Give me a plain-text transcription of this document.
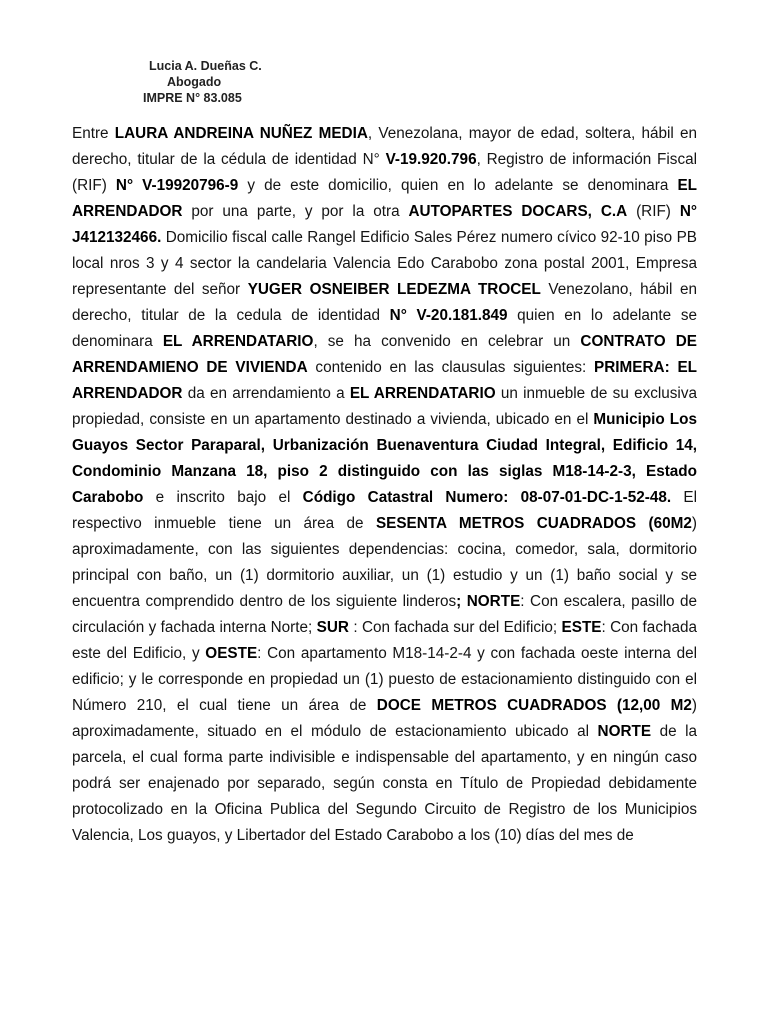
Lucia A. Dueñas C.
Abogado
IMPRE N° 83.085
Entre LAURA ANDREINA NUÑEZ MEDIA, Venezolana, mayor de edad, soltera, hábil en derecho, titular de la cédula de identidad N° V-19.920.796, Registro de información Fiscal (RIF) N° V-19920796-9 y de este domicilio, quien en lo adelante se denominara EL ARRENDADOR por una parte, y por la otra AUTOPARTES DOCARS, C.A (RIF) N° J412132466. Domicilio fiscal calle Rangel Edificio Sales Pérez numero cívico 92-10 piso PB local nros 3 y 4 sector la candelaria Valencia Edo Carabobo zona postal 2001, Empresa representante del señor YUGER OSNEIBER LEDEZMA TROCEL Venezolano, hábil en derecho, titular de la cedula de identidad N° V-20.181.849 quien en lo adelante se denominara EL ARRENDATARIO, se ha convenido en celebrar un CONTRATO DE ARRENDAMIENO DE VIVIENDA contenido en las clausulas siguientes: PRIMERA: EL ARRENDADOR da en arrendamiento a EL ARRENDATARIO un inmueble de su exclusiva propiedad, consiste en un apartamento destinado a vivienda, ubicado en el Municipio Los Guayos Sector Paraparal, Urbanización Buenaventura Ciudad Integral, Edificio 14, Condominio Manzana 18, piso 2 distinguido con las siglas M18-14-2-3, Estado Carabobo e inscrito bajo el Código Catastral Numero: 08-07-01-DC-1-52-48. El respectivo inmueble tiene un área de SESENTA METROS CUADRADOS (60M2) aproximadamente, con las siguientes dependencias: cocina, comedor, sala, dormitorio principal con baño, un (1) dormitorio auxiliar, un (1) estudio y un (1) baño social y se encuentra comprendido dentro de los siguiente linderos; NORTE: Con escalera, pasillo de circulación y fachada interna Norte; SUR : Con fachada sur del Edificio; ESTE: Con fachada este del Edificio, y OESTE: Con apartamento M18-14-2-4 y con fachada oeste interna del edificio; y le corresponde en propiedad un (1) puesto de estacionamiento distinguido con el Número 210, el cual tiene un área de DOCE METROS CUADRADOS (12,00 M2) aproximadamente, situado en el módulo de estacionamiento ubicado al NORTE de la parcela, el cual forma parte indivisible e indispensable del apartamento, y en ningún caso podrá ser enajenado por separado, según consta en Título de Propiedad debidamente protocolizado en la Oficina Publica del Segundo Circuito de Registro de los Municipios Valencia, Los guayos, y Libertador del Estado Carabobo a los (10) días del mes de
